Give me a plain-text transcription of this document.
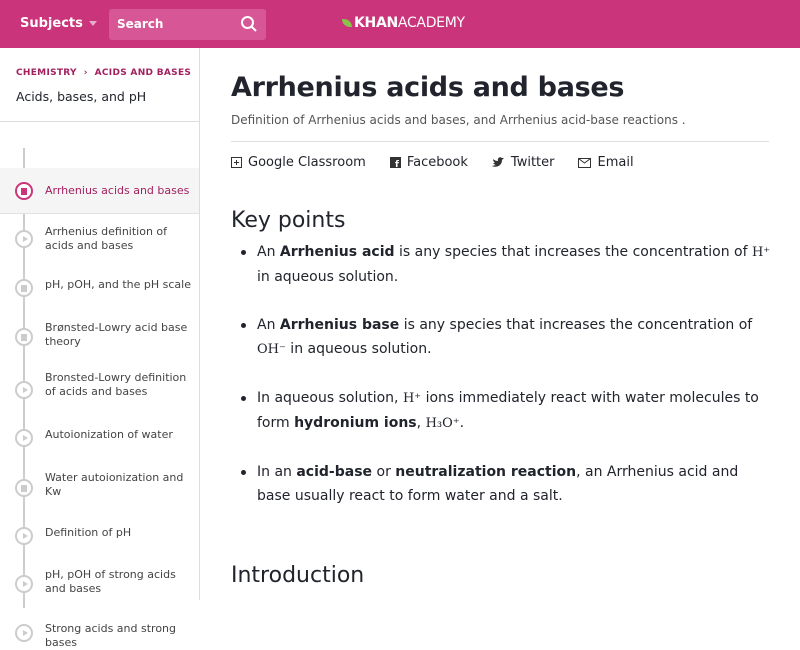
Subjects	Search	KHANACADEMY
CHEMISTRY  ›  ACIDS AND BASES
Acids, bases, and pH
Arrhenius acids and bases
Arrhenius definition of acids and bases
pH, pOH, and the pH scale
Brønsted-Lowry acid base theory
Bronsted-Lowry definition of acids and bases
Autoionization of water
Water autoionization and Kw
Definition of pH
pH, pOH of strong acids and bases
Strong acids and strong bases
Arrhenius acids and bases
Definition of Arrhenius acids and bases, and Arrhenius acid-base reactions .
Google Classroom	f Facebook	Twitter	Email
Key points
An Arrhenius acid is any species that increases the concentration of H⁺ in aqueous solution.
An Arrhenius base is any species that increases the concentration of OH⁻ in aqueous solution.
In aqueous solution, H⁺ ions immediately react with water molecules to form hydronium ions, H₃O⁺.
In an acid-base or neutralization reaction, an Arrhenius acid and base usually react to form water and a salt.
Introduction
